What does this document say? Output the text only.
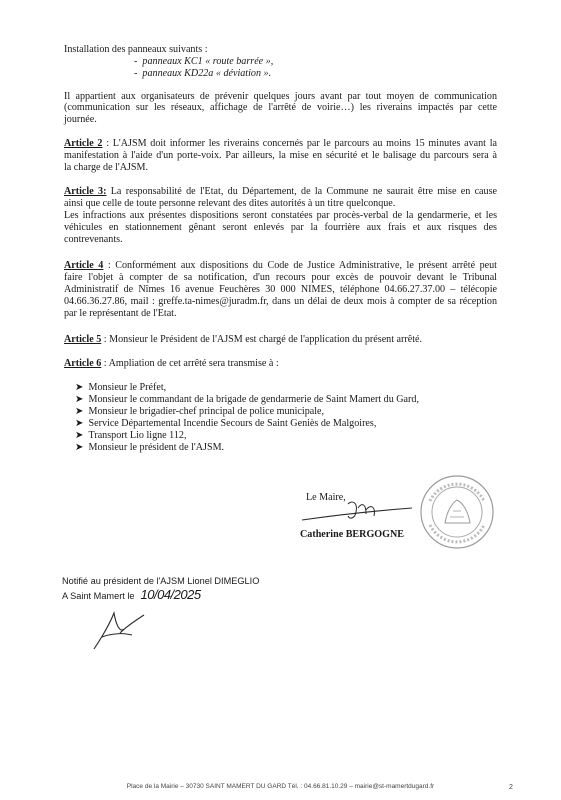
Installation des panneaux suivants :
-  panneaux KC1 « route barrée »,
-  panneaux KD22a « déviation ».
Il appartient aux organisateurs de prévenir quelques jours avant par tout moyen de communication
(communication sur les réseaux, affichage de l'arrêté de voirie…) les riverains impactés par cette
journée.
Article 2 : L'AJSM doit informer les riverains concernés par le parcours au moins 15 minutes avant la
manifestation à l'aide d'un porte-voix. Par ailleurs, la mise en sécurité et le balisage du parcours sera à
la charge de l'AJSM.
Article 3: La responsabilité de l'Etat, du Département, de la Commune ne saurait être mise en cause
ainsi que celle de toute personne relevant des dites autorités à un titre quelconque.
Les infractions aux présentes dispositions seront constatées par procès-verbal de la gendarmerie, et les
véhicules en stationnement gênant seront enlevés par la fourrière aux frais et aux risques des
contrevenants.
Article 4 : Conformément aux dispositions du Code de Justice Administrative, le présent arrêté peut
faire l'objet à compter de sa notification, d'un recours pour excès de pouvoir devant le Tribunal
Administratif de Nîmes 16 avenue Feuchères 30 000 NIMES, téléphone 04.66.27.37.00 – télécopie
04.66.36.27.86, mail : greffe.ta-nimes@juradm.fr, dans un délai de deux mois à compter de sa réception
par le représentant de l'Etat.
Article 5 : Monsieur le Président de l'AJSM est chargé de l'application du présent arrêté.
Article 6 : Ampliation de cet arrêté sera transmise à :
➤  Monsieur le Préfet,
➤  Monsieur le commandant de la brigade de gendarmerie de Saint Mamert du Gard,
➤  Monsieur le brigadier-chef principal de police municipale,
➤  Service Départemental Incendie Secours de Saint Geniès de Malgoires,
➤  Transport Lio ligne 112,
➤  Monsieur le président de l'AJSM.
Le Maire,
Catherine BERGOGNE
Notifié au président de l'AJSM Lionel DIMEGLIO
A Saint Mamert le 10/04/2025
Place de la Mairie – 30730 SAINT MAMERT DU GARD Tél. : 04.66.81.10.29 – mairie@st-mamertdugard.fr	2
